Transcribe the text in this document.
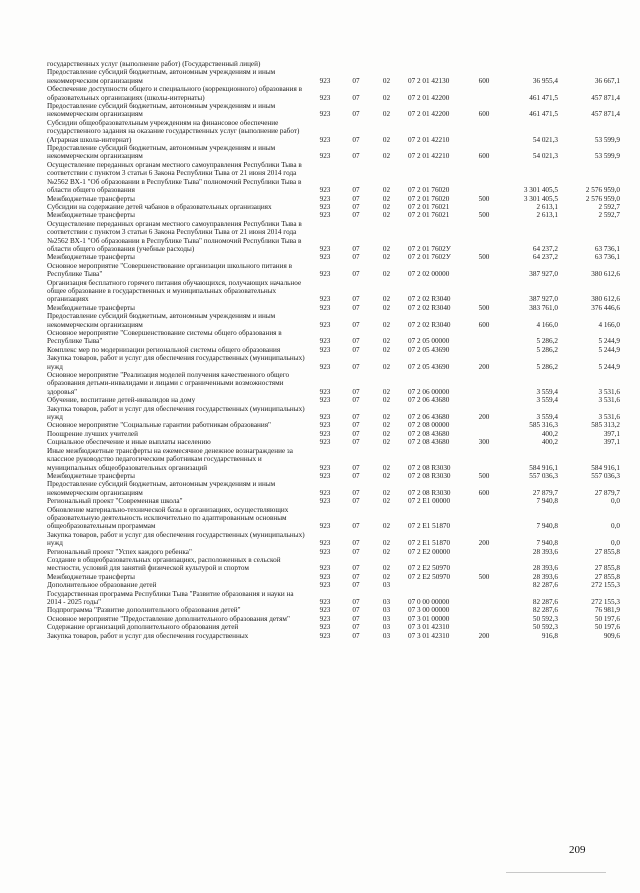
государственных услуг (выполнение работ) (Государственный лицей)							
Предоставление субсидий бюджетным, автономным учреждениям и иным некоммерческим организациям	923	07	02	07 2 01 42130	600	36 955,4	36 667,1
Обеспечение доступности общего и специального (коррекционного) образования в образовательных организациях (школы-интернаты)	923	07	02	07 2 01 42200		461 471,5	457 871,4
Предоставление субсидий бюджетным, автономным учреждениям и иным некоммерческим организациям	923	07	02	07 2 01 42200	600	461 471,5	457 871,4
Субсидии общеобразовательным учреждениям на финансовое обеспечение государственного задания на оказание государственных услуг (выполнение работ) (Аграрная школа-интернат)	923	07	02	07 2 01 42210		54 021,3	53 599,9
Предоставление субсидий бюджетным, автономным учреждениям и иным некоммерческим организациям	923	07	02	07 2 01 42210	600	54 021,3	53 599,9
Осуществление переданных органам местного самоуправления Республики Тыва в соответствии с пунктом 3 статьи 6 Закона Республики Тыва от 21 июня 2014 года №2562 ВХ-1 "Об образовании в Республике Тыва" полномочий Республики Тыва в области общего образования	923	07	02	07 2 01 76020		3 301 405,5	2 576 959,0
Межбюджетные трансферты	923	07	02	07 2 01 76020	500	3 301 405,5	2 576 959,0
Субсидии на содержание детей чабанов в образовательных организациях	923	07	02	07 2 01 76021		2 613,1	2 592,7
Межбюджетные трансферты	923	07	02	07 2 01 76021	500	2 613,1	2 592,7
Осуществление переданных органам местного самоуправления Республики Тыва в соответствии с пунктом 3 статьи 6 Закона Республики Тыва от 21 июня 2014 года №2562 ВХ-1 "Об образовании в Республике Тыва" полномочий Республики Тыва в области общего образования (учебные расходы)	923	07	02	07 2 01 7602У		64 237,2	63 736,1
Межбюджетные трансферты	923	07	02	07 2 01 7602У	500	64 237,2	63 736,1
Основное мероприятие "Совершенствование организации школьного питания в Республике Тыва"	923	07	02	07 2 02 00000		387 927,0	380 612,6
Организация бесплатного горячего питания обучающихся, получающих начальное общее образование в государственных и муниципальных образовательных организациях	923	07	02	07 2 02 R3040		387 927,0	380 612,6
Межбюджетные трансферты	923	07	02	07 2 02 R3040	500	383 761,0	376 446,6
Предоставление субсидий бюджетным, автономным учреждениям и иным некоммерческим организациям	923	07	02	07 2 02 R3040	600	4 166,0	4 166,0
Основное мероприятие "Совершенствование системы общего образования в Республике Тыва"	923	07	02	07 2 05 00000		5 286,2	5 244,9
Комплекс мер по модернизации региональной системы общего образования	923	07	02	07 2 05 43690		5 286,2	5 244,9
Закупка товаров, работ и услуг для обеспечения государственных (муниципальных) нужд	923	07	02	07 2 05 43690	200	5 286,2	5 244,9
Основное мероприятие "Реализация моделей получения качественного общего образования детьми-инвалидами и лицами с ограниченными возможностями здоровья"	923	07	02	07 2 06 00000		3 559,4	3 531,6
Обучение, воспитание детей-инвалидов на дому	923	07	02	07 2 06 43680		3 559,4	3 531,6
Закупка товаров, работ и услуг для обеспечения государственных (муниципальных) нужд	923	07	02	07 2 06 43680	200	3 559,4	3 531,6
Основное мероприятие "Социальные гарантии работникам образования"	923	07	02	07 2 08 00000		585 316,3	585 313,2
Поощрение лучших учителей	923	07	02	07 2 08 43680		400,2	397,1
Социальное обеспечение и иные выплаты населению	923	07	02	07 2 08 43680	300	400,2	397,1
Иные межбюджетные трансферты на ежемесячное денежное вознаграждение за классное руководство педагогическим работникам государственных и муниципальных общеобразовательных организаций	923	07	02	07 2 08 R3030		584 916,1	584 916,1
Межбюджетные трансферты	923	07	02	07 2 08 R3030	500	557 036,3	557 036,3
Предоставление субсидий бюджетным, автономным учреждениям и иным некоммерческим организациям	923	07	02	07 2 08 R3030	600	27 879,7	27 879,7
Региональный проект "Современная школа"	923	07	02	07 2 E1 00000		7 940,8	0,0
Обновление материально-технической базы в организациях, осуществляющих образовательную деятельность исключительно по адаптированным основным общеобразовательным программам	923	07	02	07 2 E1 51870		7 940,8	0,0
Закупка товаров, работ и услуг для обеспечения государственных (муниципальных) нужд	923	07	02	07 2 E1 51870	200	7 940,8	0,0
Региональный проект "Успех каждого ребенка"	923	07	02	07 2 E2 00000		28 393,6	27 855,8
Создание в общеобразовательных организациях, расположенных в сельской местности, условий для занятий физической культурой и спортом	923	07	02	07 2 E2 50970		28 393,6	27 855,8
Межбюджетные трансферты	923	07	02	07 2 E2 50970	500	28 393,6	27 855,8
Дополнительное образование детей	923	07	03			82 287,6	272 155,3
Государственная программа Республики Тыва "Развитие образования и науки на 2014 - 2025 годы"	923	07	03	07 0 00 00000		82 287,6	272 155,3
Подпрограмма "Развитие дополнительного образования детей"	923	07	03	07 3 00 00000		82 287,6	76 981,9
Основное мероприятие "Предоставление дополнительного образования детям"	923	07	03	07 3 01 00000		50 592,3	50 197,6
Содержание организаций дополнительного образования детей	923	07	03	07 3 01 42310		50 592,3	50 197,6
Закупка товаров, работ и услуг для обеспечения государственных	923	07	03	07 3 01 42310	200	916,8	909,6
209
